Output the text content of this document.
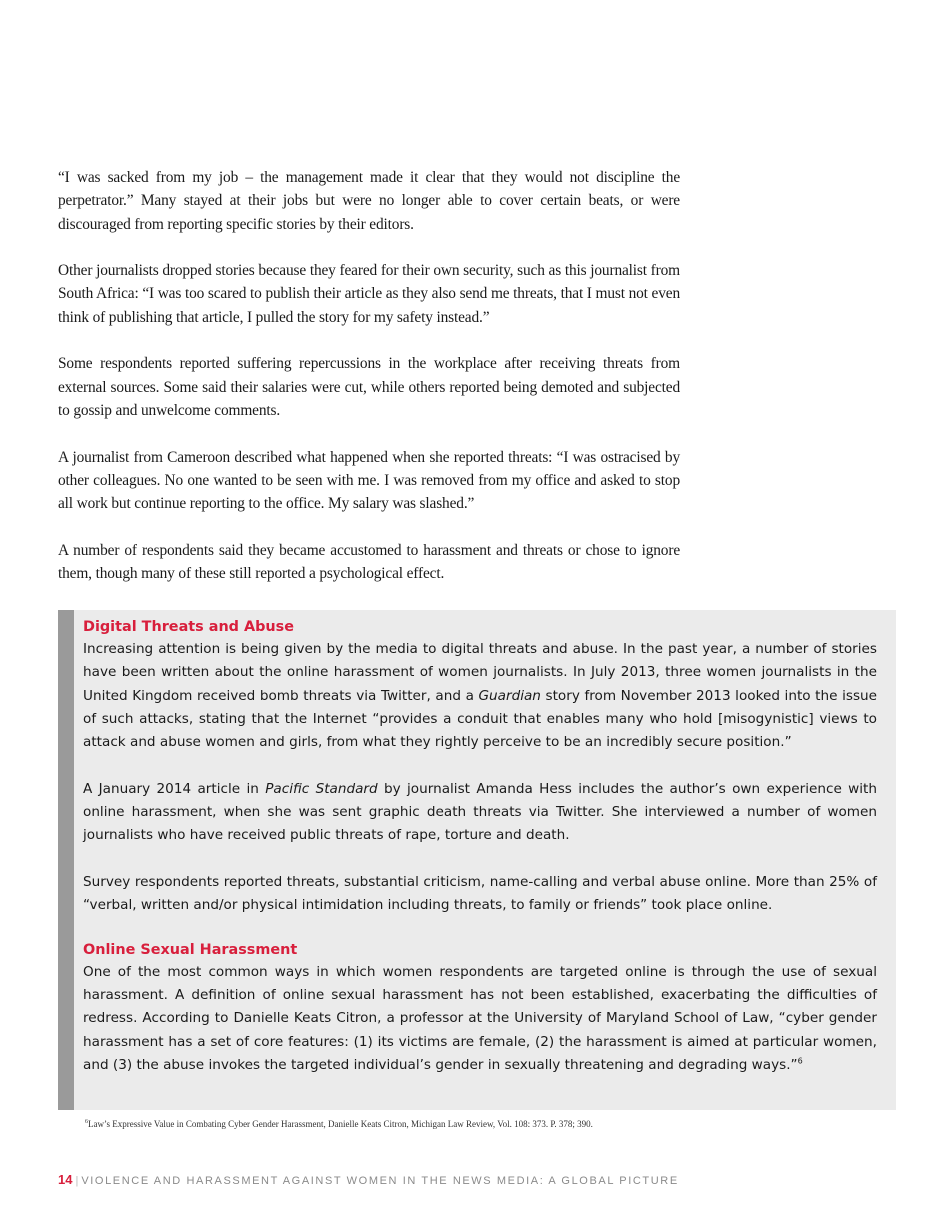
“I was sacked from my job – the management made it clear that they would not discipline the perpetrator.” Many stayed at their jobs but were no longer able to cover certain beats, or were discouraged from reporting specific stories by their editors.

Other journalists dropped stories because they feared for their own security, such as this journalist from South Africa: “I was too scared to publish their article as they also send me threats, that I must not even think of publishing that article, I pulled the story for my safety instead.”

Some respondents reported suffering repercussions in the workplace after receiving threats from external sources. Some said their salaries were cut, while others reported being demoted and subjected to gossip and unwelcome comments.

A journalist from Cameroon described what happened when she reported threats: “I was ostracised by other colleagues. No one wanted to be seen with me. I was removed from my office and asked to stop all work but continue reporting to the office. My salary was slashed.”

A number of respondents said they became accustomed to harassment and threats or chose to ignore them, though many of these still reported a psychological effect.

Digital Threats and Abuse

Increasing attention is being given by the media to digital threats and abuse. In the past year, a number of stories have been written about the online harassment of women journalists. In July 2013, three women journalists in the United Kingdom received bomb threats via Twitter, and a Guardian story from November 2013 looked into the issue of such attacks, stating that the Internet “provides a conduit that enables many who hold [misogynistic] views to attack and abuse women and girls, from what they rightly perceive to be an incredibly secure position.”

A January 2014 article in Pacific Standard by journalist Amanda Hess includes the author’s own experience with online harassment, when she was sent graphic death threats via Twitter. She interviewed a number of women journalists who have received public threats of rape, torture and death.

Survey respondents reported threats, substantial criticism, name-calling and verbal abuse online. More than 25% of “verbal, written and/or physical intimidation including threats, to family or friends” took place online.

Online Sexual Harassment

One of the most common ways in which women respondents are targeted online is through the use of sexual harassment. A definition of online sexual harassment has not been established, exacerbating the difficulties of redress. According to Danielle Keats Citron, a professor at the University of Maryland School of Law, “cyber gender harassment has a set of core features: (1) its victims are female, (2) the harassment is aimed at particular women, and (3) the abuse invokes the targeted individual’s gender in sexually threatening and degrading ways.”$^6$

$^6$Law’s Expressive Value in Combating Cyber Gender Harassment, Danielle Keats Citron, Michigan Law Review, Vol. 108: 373. P. 378; 390.
14 | VIOLENCE AND HARASSMENT AGAINST WOMEN IN THE NEWS MEDIA: A GLOBAL PICTURE
